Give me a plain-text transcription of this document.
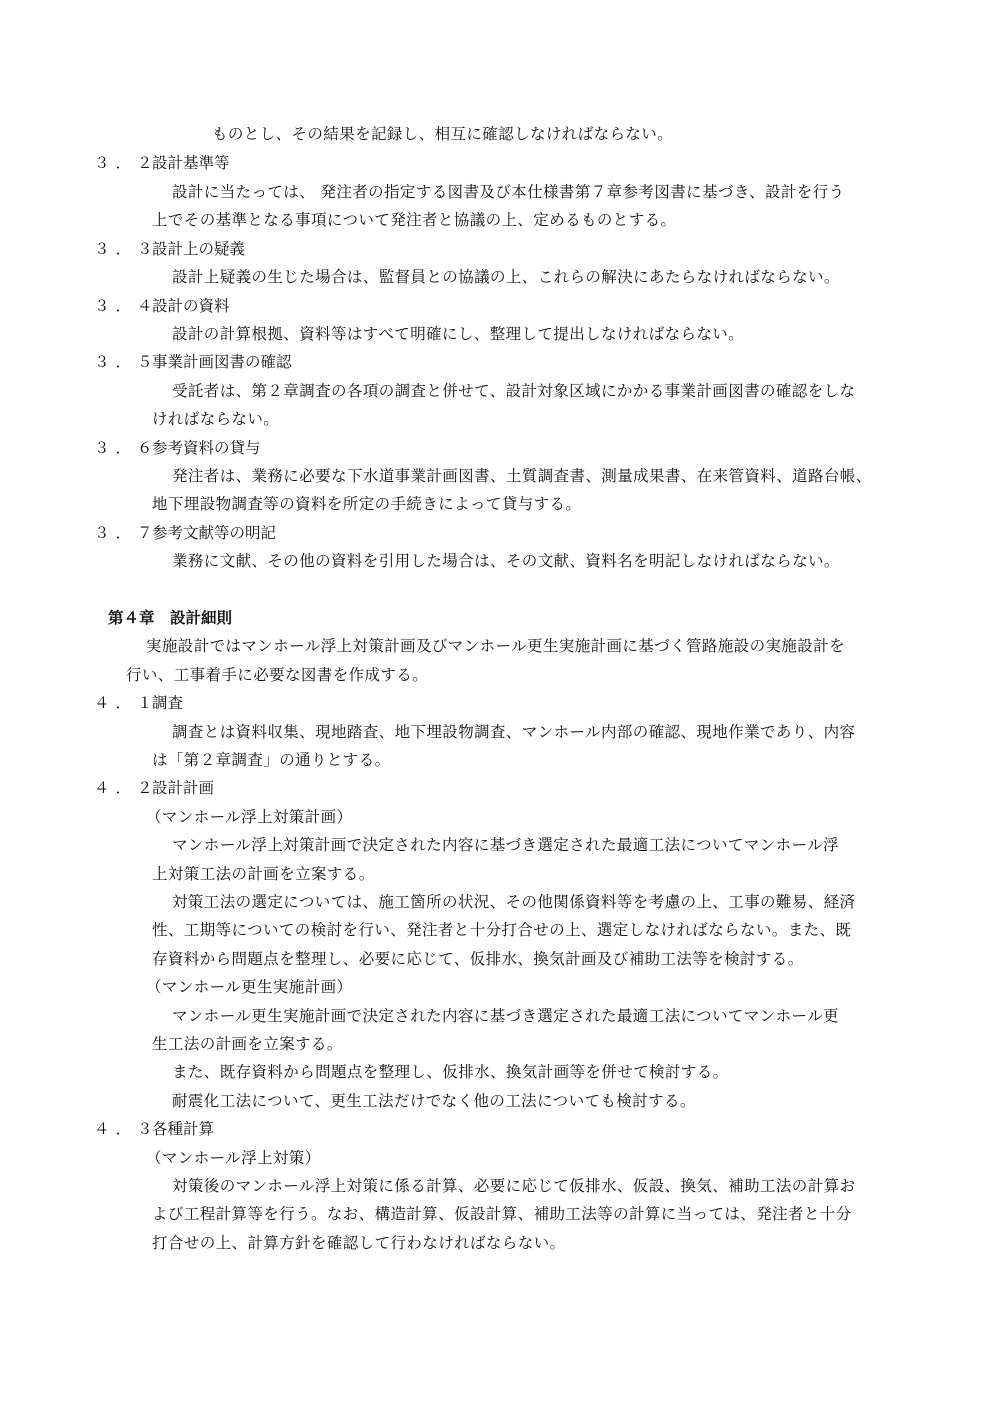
ものとし、その結果を記録し、相互に確認しなければならない。
３．２
設計基準等
設計に当たっては、 発注者の指定する図書及び本仕様書第７章参考図書に基づき、設計を行う
上でその基準となる事項について発注者と協議の上、定めるものとする。
３．３
設計上の疑義
設計上疑義の生じた場合は、監督員との協議の上、これらの解決にあたらなければならない。
３．４
設計の資料
設計の計算根拠、資料等はすべて明確にし、整理して提出しなければならない。
３．５
事業計画図書の確認
受託者は、第２章調査の各項の調査と併せて、設計対象区域にかかる事業計画図書の確認をしな
ければならない。
３．６
参考資料の貸与
発注者は、業務に必要な下水道事業計画図書、土質調査書、測量成果書、在来管資料、道路台帳、
地下埋設物調査等の資料を所定の手続きによって貸与する。
３．７
参考文献等の明記
業務に文献、その他の資料を引用した場合は、その文献、資料名を明記しなければならない。
第４章　設計細則
実施設計ではマンホール浮上対策計画及びマンホール更生実施計画に基づく管路施設の実施設計を
行い、工事着手に必要な図書を作成する。
４．１
調査
調査とは資料収集、現地踏査、地下埋設物調査、マンホール内部の確認、現地作業であり、内容
は「第２章調査」の通りとする。
４．２
設計計画
（マンホール浮上対策計画）
マンホール浮上対策計画で決定された内容に基づき選定された最適工法についてマンホール浮
上対策工法の計画を立案する。
対策工法の選定については、施工箇所の状況、その他関係資料等を考慮の上、工事の難易、経済
性、工期等についての検討を行い、発注者と十分打合せの上、選定しなければならない。また、既
存資料から問題点を整理し、必要に応じて、仮排水、換気計画及び補助工法等を検討する。
（マンホール更生実施計画）
マンホール更生実施計画で決定された内容に基づき選定された最適工法についてマンホール更
生工法の計画を立案する。
また、既存資料から問題点を整理し、仮排水、換気計画等を併せて検討する。
耐震化工法について、更生工法だけでなく他の工法についても検討する。
４．３
各種計算
（マンホール浮上対策）
対策後のマンホール浮上対策に係る計算、必要に応じて仮排水、仮設、換気、補助工法の計算お
よび工程計算等を行う。なお、構造計算、仮設計算、補助工法等の計算に当っては、発注者と十分
打合せの上、計算方針を確認して行わなければならない。
